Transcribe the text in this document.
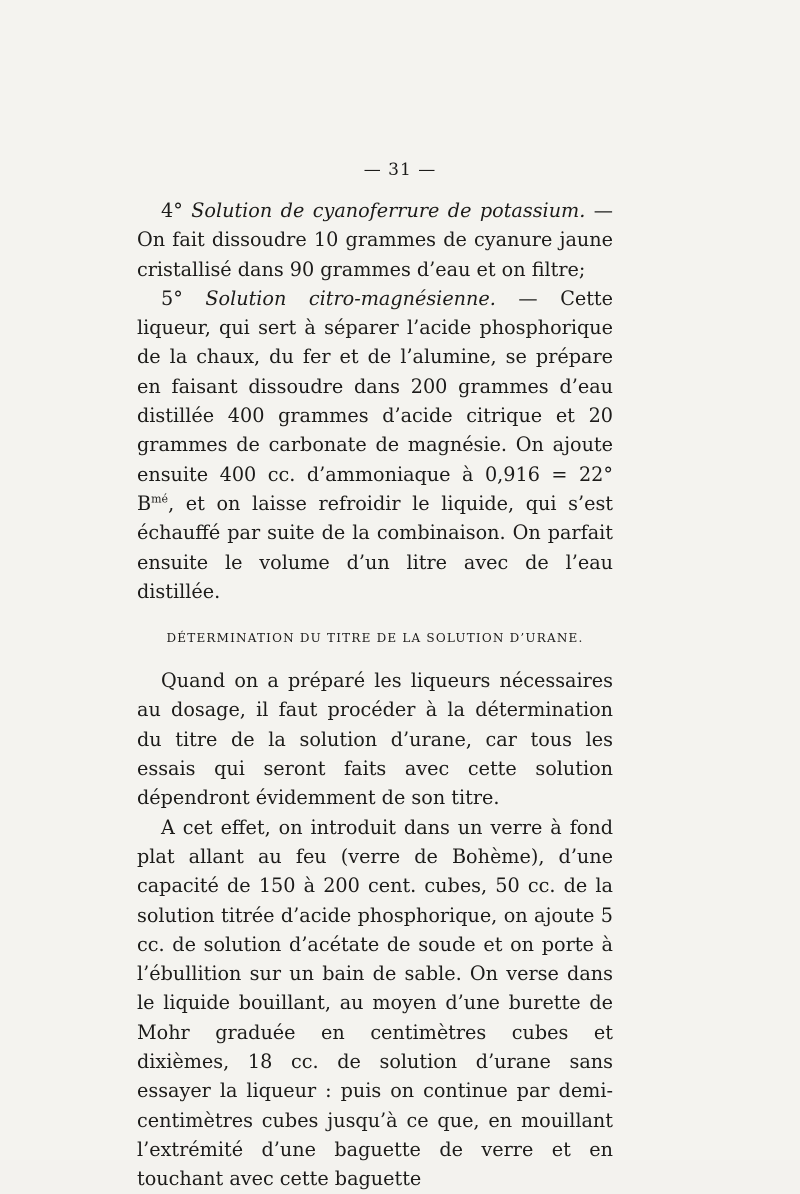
— 31 —

4° Solution de cyanoferrure de potassium. — On fait dissoudre 10 grammes de cyanure jaune cristallisé dans 90 grammes d’eau et on filtre;

5° Solution citro-magnésienne. — Cette liqueur, qui sert à séparer l’acide phosphorique de la chaux, du fer et de l’alumine, se prépare en faisant dissoudre dans 200 grammes d’eau distillée 400 grammes d’acide citrique et 20 grammes de carbonate de magnésie. On ajoute ensuite 400 cc. d’ammoniaque à 0,916 = 22° $B^{mé}$, et on laisse refroidir le liquide, qui s’est échauffé par suite de la combinaison. On parfait ensuite le volume d’un litre avec de l’eau distillée.

DÉTERMINATION DU TITRE DE LA SOLUTION D’URANE.

Quand on a préparé les liqueurs nécessaires au dosage, il faut procéder à la détermination du titre de la solution d’urane, car tous les essais qui seront faits avec cette solution dépendront évidemment de son titre.

A cet effet, on introduit dans un verre à fond plat allant au feu (verre de Bohème), d’une capacité de 150 à 200 cent. cubes, 50 cc. de la solution titrée d’acide phosphorique, on ajoute 5 cc. de solution d’acétate de soude et on porte à l’ébullition sur un bain de sable. On verse dans le liquide bouillant, au moyen d’une burette de Mohr graduée en centimètres cubes et dixièmes, 18 cc. de solution d’urane sans essayer la liqueur : puis on continue par demi-centimètres cubes jusqu’à ce que, en mouillant l’extrémité d’une baguette de verre et en touchant avec cette baguette
